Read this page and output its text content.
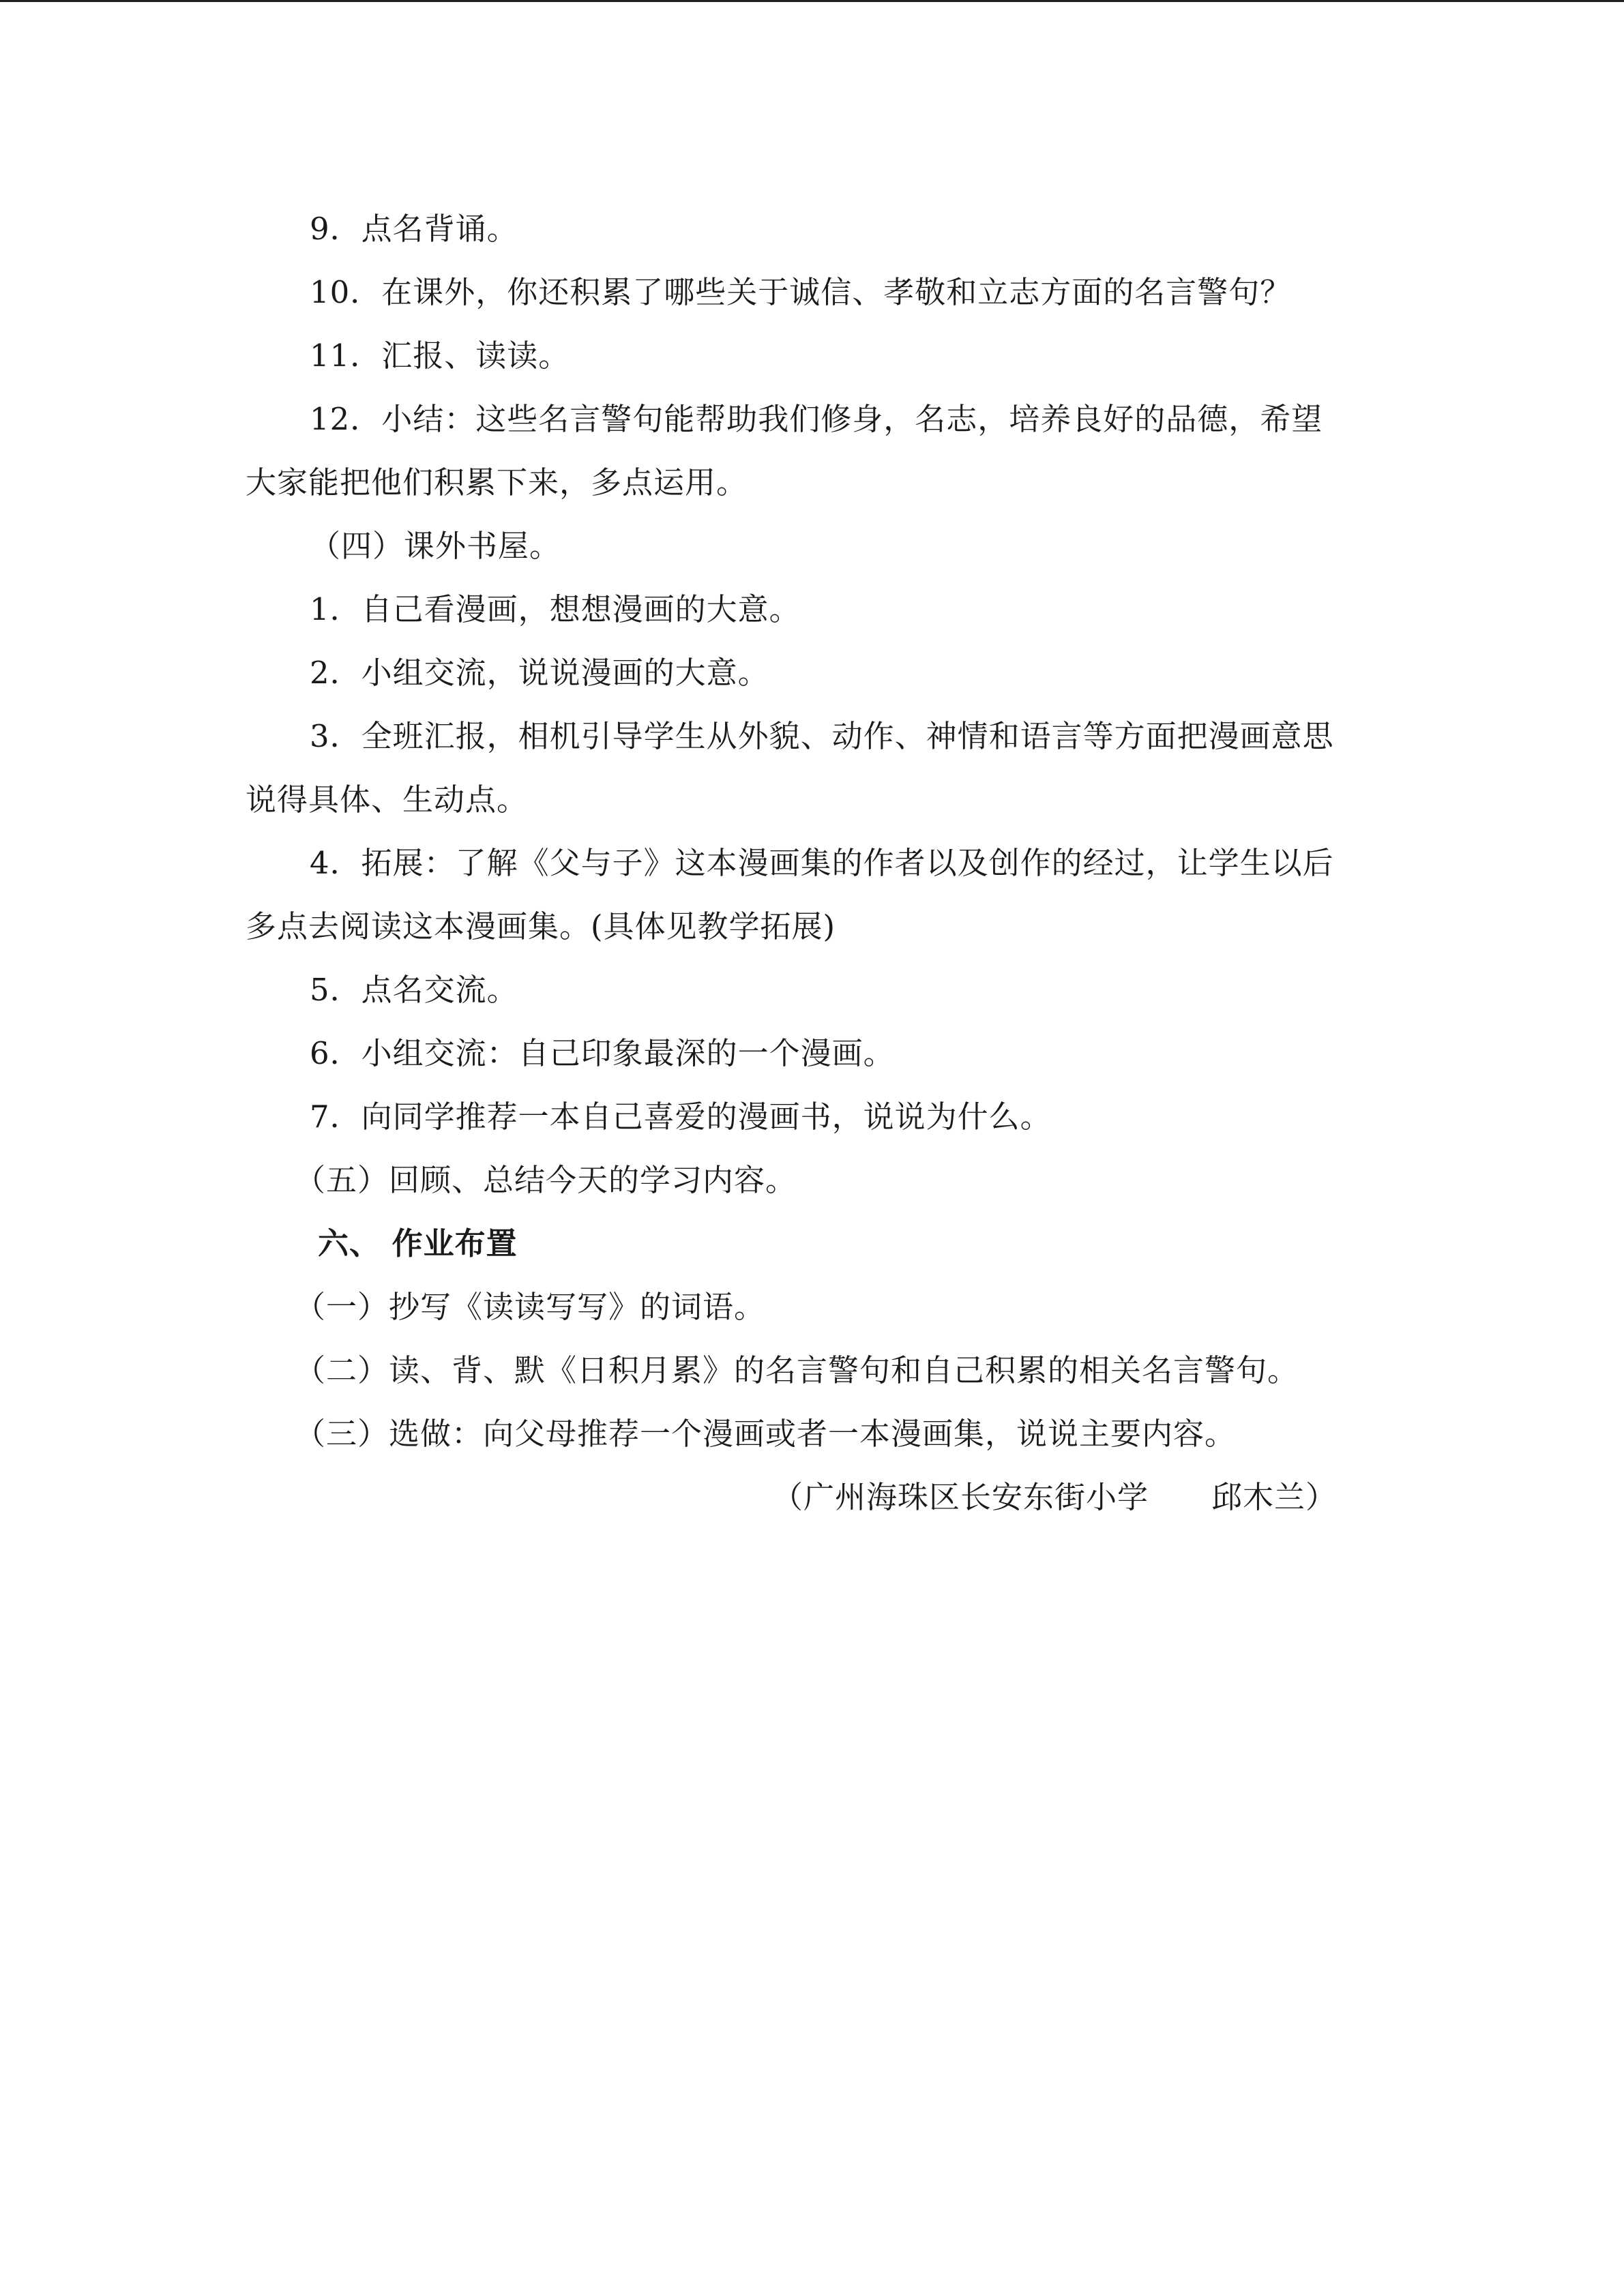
9．点名背诵。
10．在课外，你还积累了哪些关于诚信、孝敬和立志方面的名言警句？
11．汇报、读读。
12．小结：这些名言警句能帮助我们修身，名志，培养良好的品德，希望
大家能把他们积累下来，多点运用。
（四）课外书屋。
1．自己看漫画，想想漫画的大意。
2．小组交流，说说漫画的大意。
3．全班汇报，相机引导学生从外貌、动作、神情和语言等方面把漫画意思
说得具体、生动点。
4．拓展：了解《父与子》这本漫画集的作者以及创作的经过，让学生以后
多点去阅读这本漫画集。(具体见教学拓展)
5．点名交流。
6．小组交流：自己印象最深的一个漫画。
7．向同学推荐一本自己喜爱的漫画书，说说为什么。
（五）回顾、总结今天的学习内容。
六、 作业布置
（一）抄写《读读写写》的词语。
（二）读、背、默《日积月累》的名言警句和自己积累的相关名言警句。
（三）选做：向父母推荐一个漫画或者一本漫画集，说说主要内容。
（广州海珠区长安东街小学　　邱木兰）
